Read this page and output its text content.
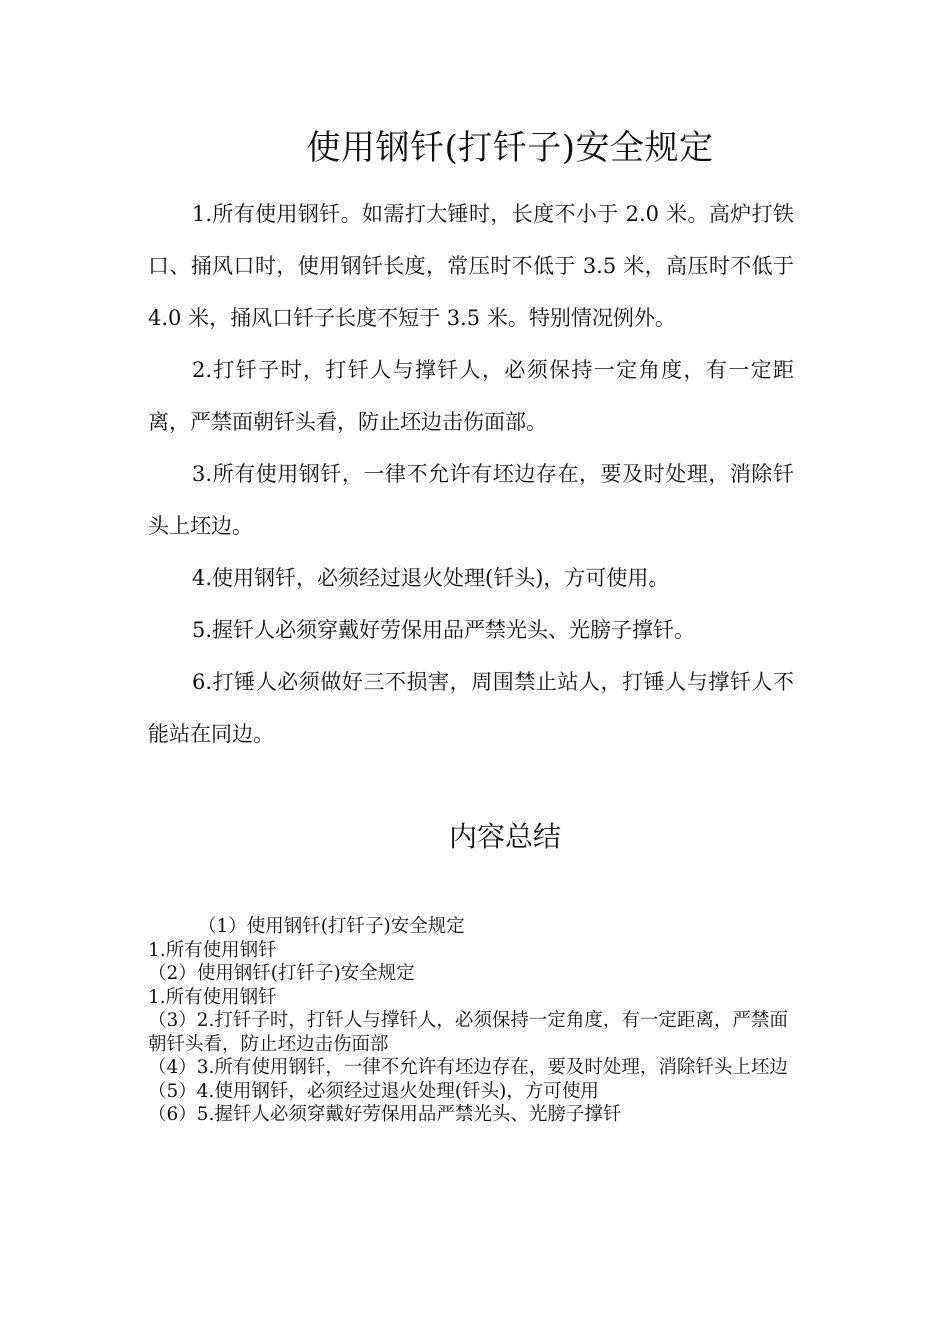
使用钢钎(打钎子)安全规定

1.所有使用钢钎。如需打大锤时，长度不小于 2.0 米。高炉打铁口、捅风口时，使用钢钎长度，常压时不低于 3.5 米，高压时不低于 4.0 米，捅风口钎子长度不短于 3.5 米。特别情况例外。

2.打钎子时，打钎人与撑钎人，必须保持一定角度，有一定距离，严禁面朝钎头看，防止坯边击伤面部。

3.所有使用钢钎，一律不允许有坯边存在，要及时处理，消除钎头上坯边。

4.使用钢钎，必须经过退火处理(钎头)，方可使用。

5.握钎人必须穿戴好劳保用品严禁光头、光膀子撑钎。

6.打锤人必须做好三不损害，周围禁止站人，打锤人与撑钎人不能站在同边。

内容总结

（1）使用钢钎(打钎子)安全规定

1.所有使用钢钎

（2）使用钢钎(打钎子)安全规定

1.所有使用钢钎

（3）2.打钎子时，打钎人与撑钎人，必须保持一定角度，有一定距离，严禁面朝钎头看，防止坯边击伤面部

（4）3.所有使用钢钎，一律不允许有坯边存在，要及时处理，消除钎头上坯边

（5）4.使用钢钎，必须经过退火处理(钎头)，方可使用

（6）5.握钎人必须穿戴好劳保用品严禁光头、光膀子撑钎
